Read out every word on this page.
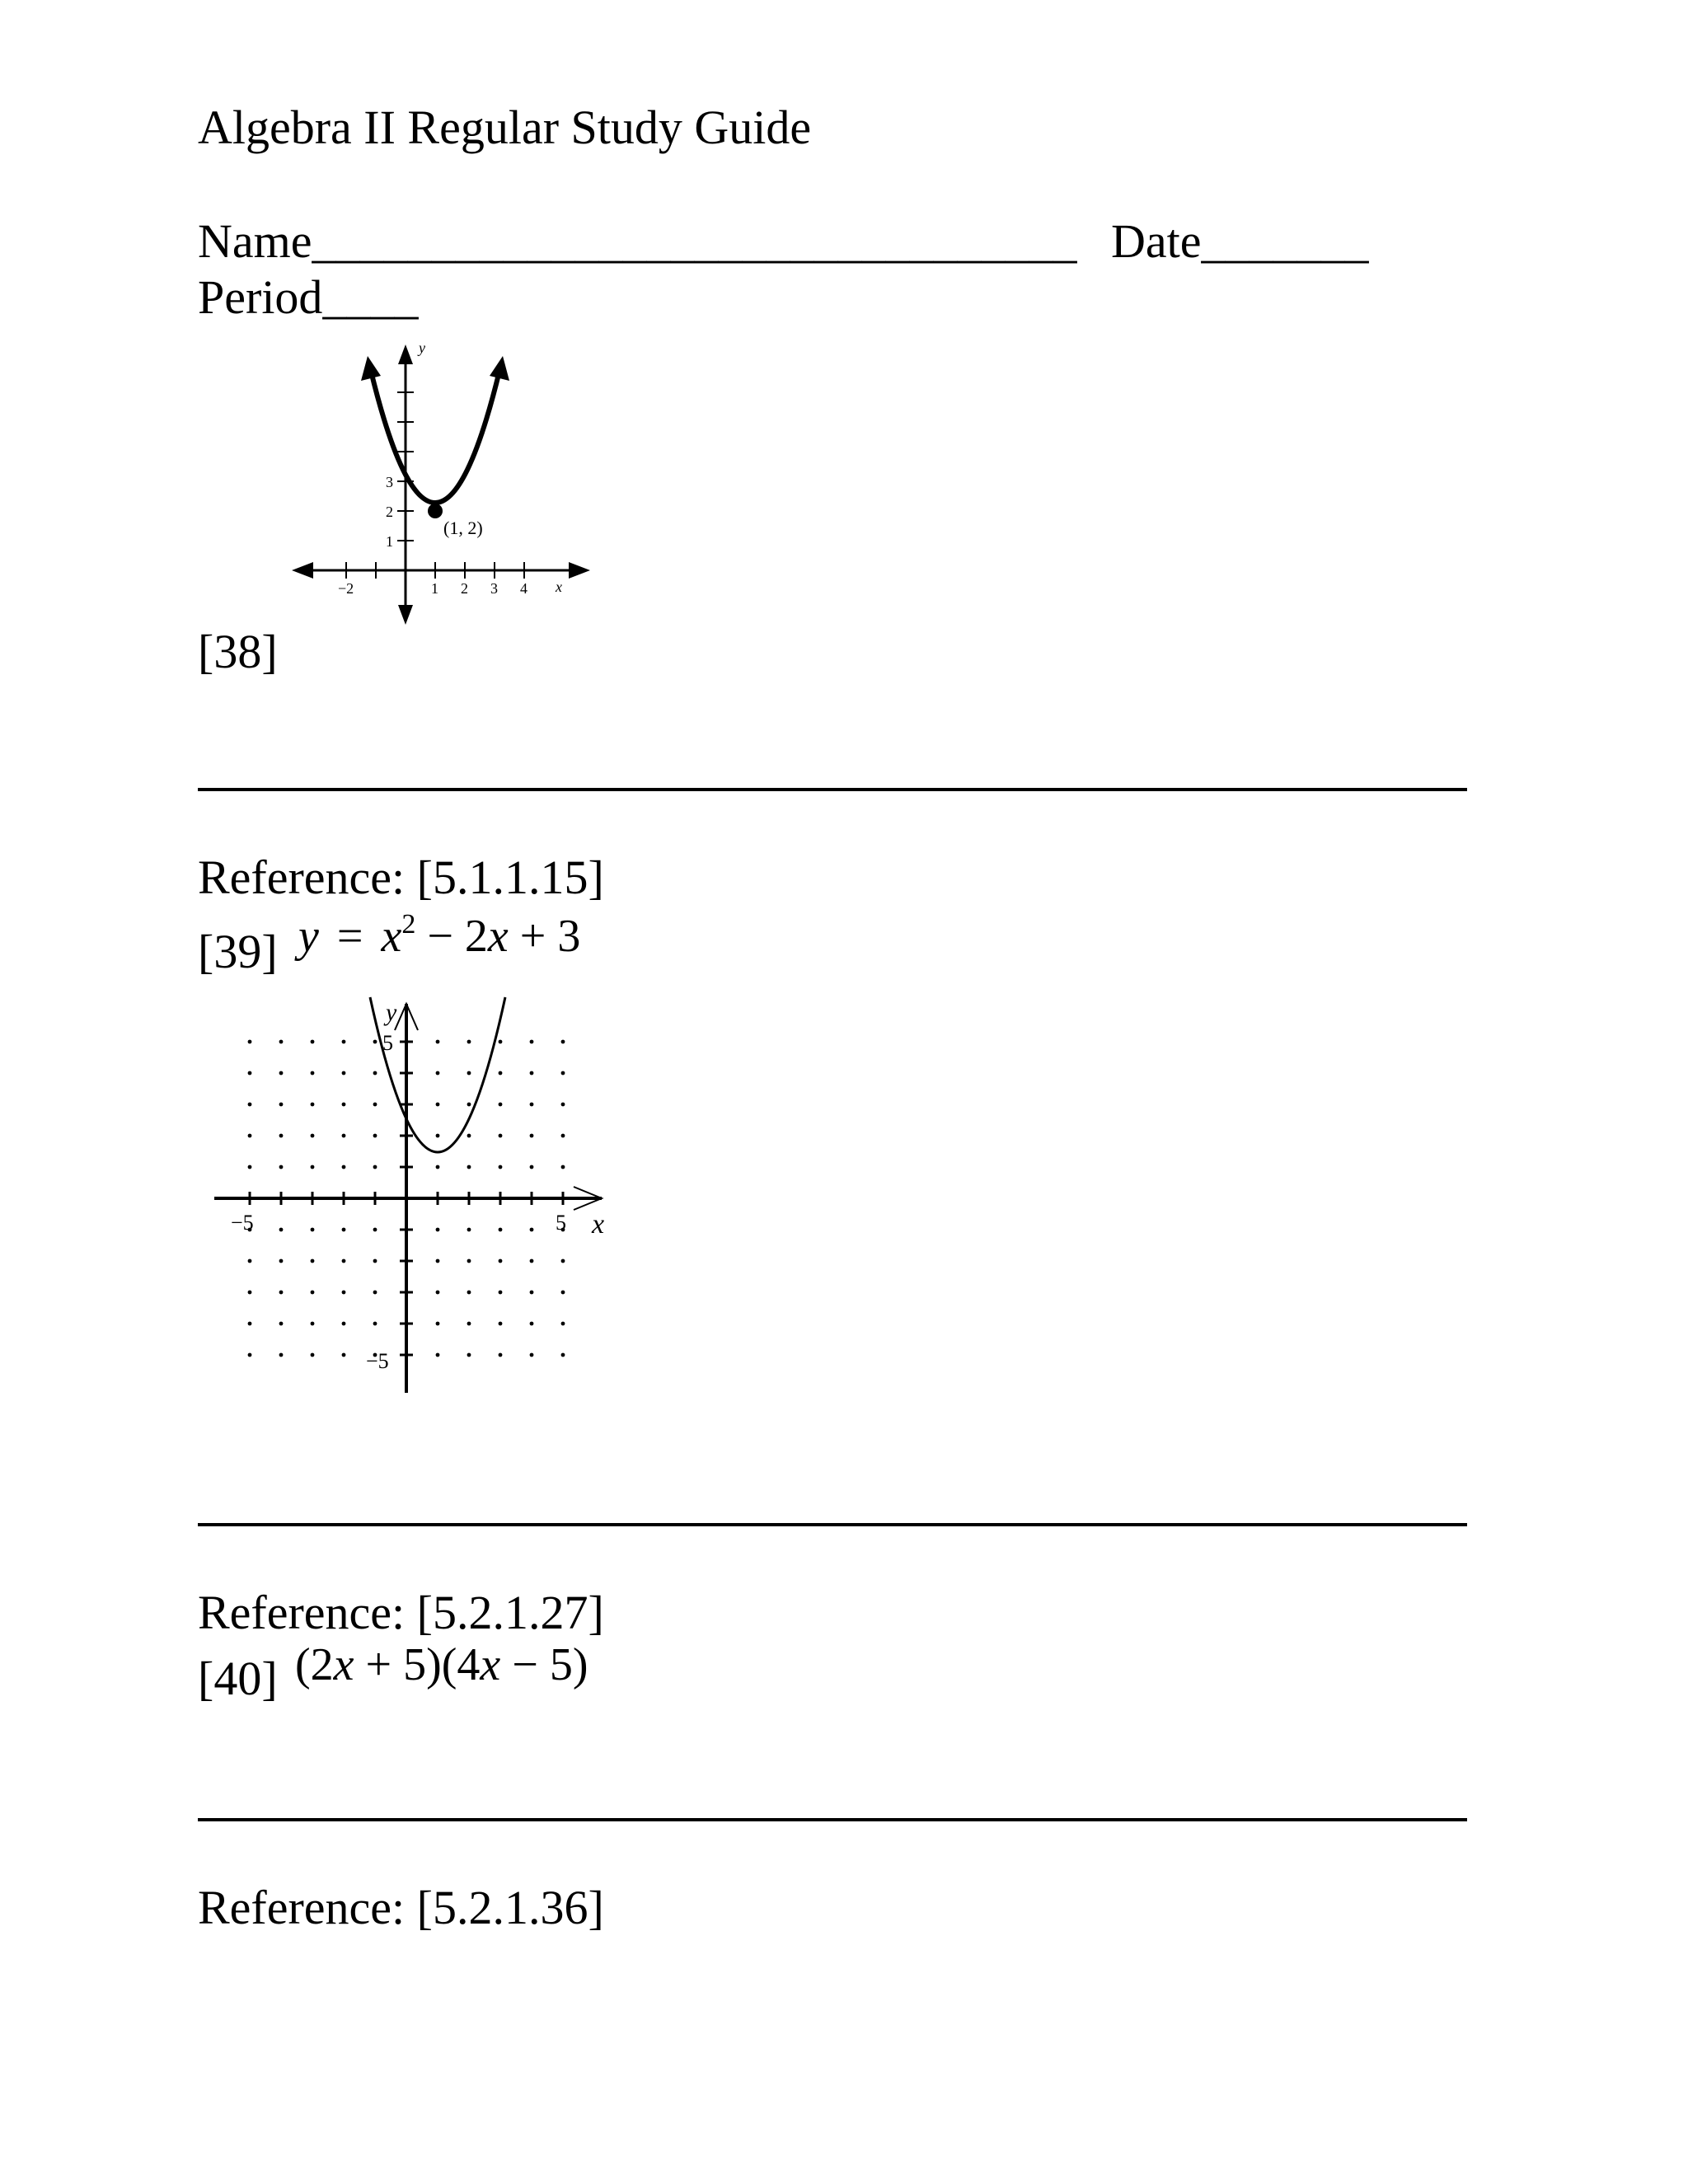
Algebra II Regular Study Guide
Name________________________________ Date_______
Period____
(1, 2)
y
x
1
2
3
−2	1 2 3 4
[38]
Reference: [5.1.1.15]
[39] $y = x^2 - 2x + 3$
y
x
−5	5
5
−5
Reference: [5.2.1.27]
[40] (2x + 5)(4x − 5)
Reference: [5.2.1.36]
